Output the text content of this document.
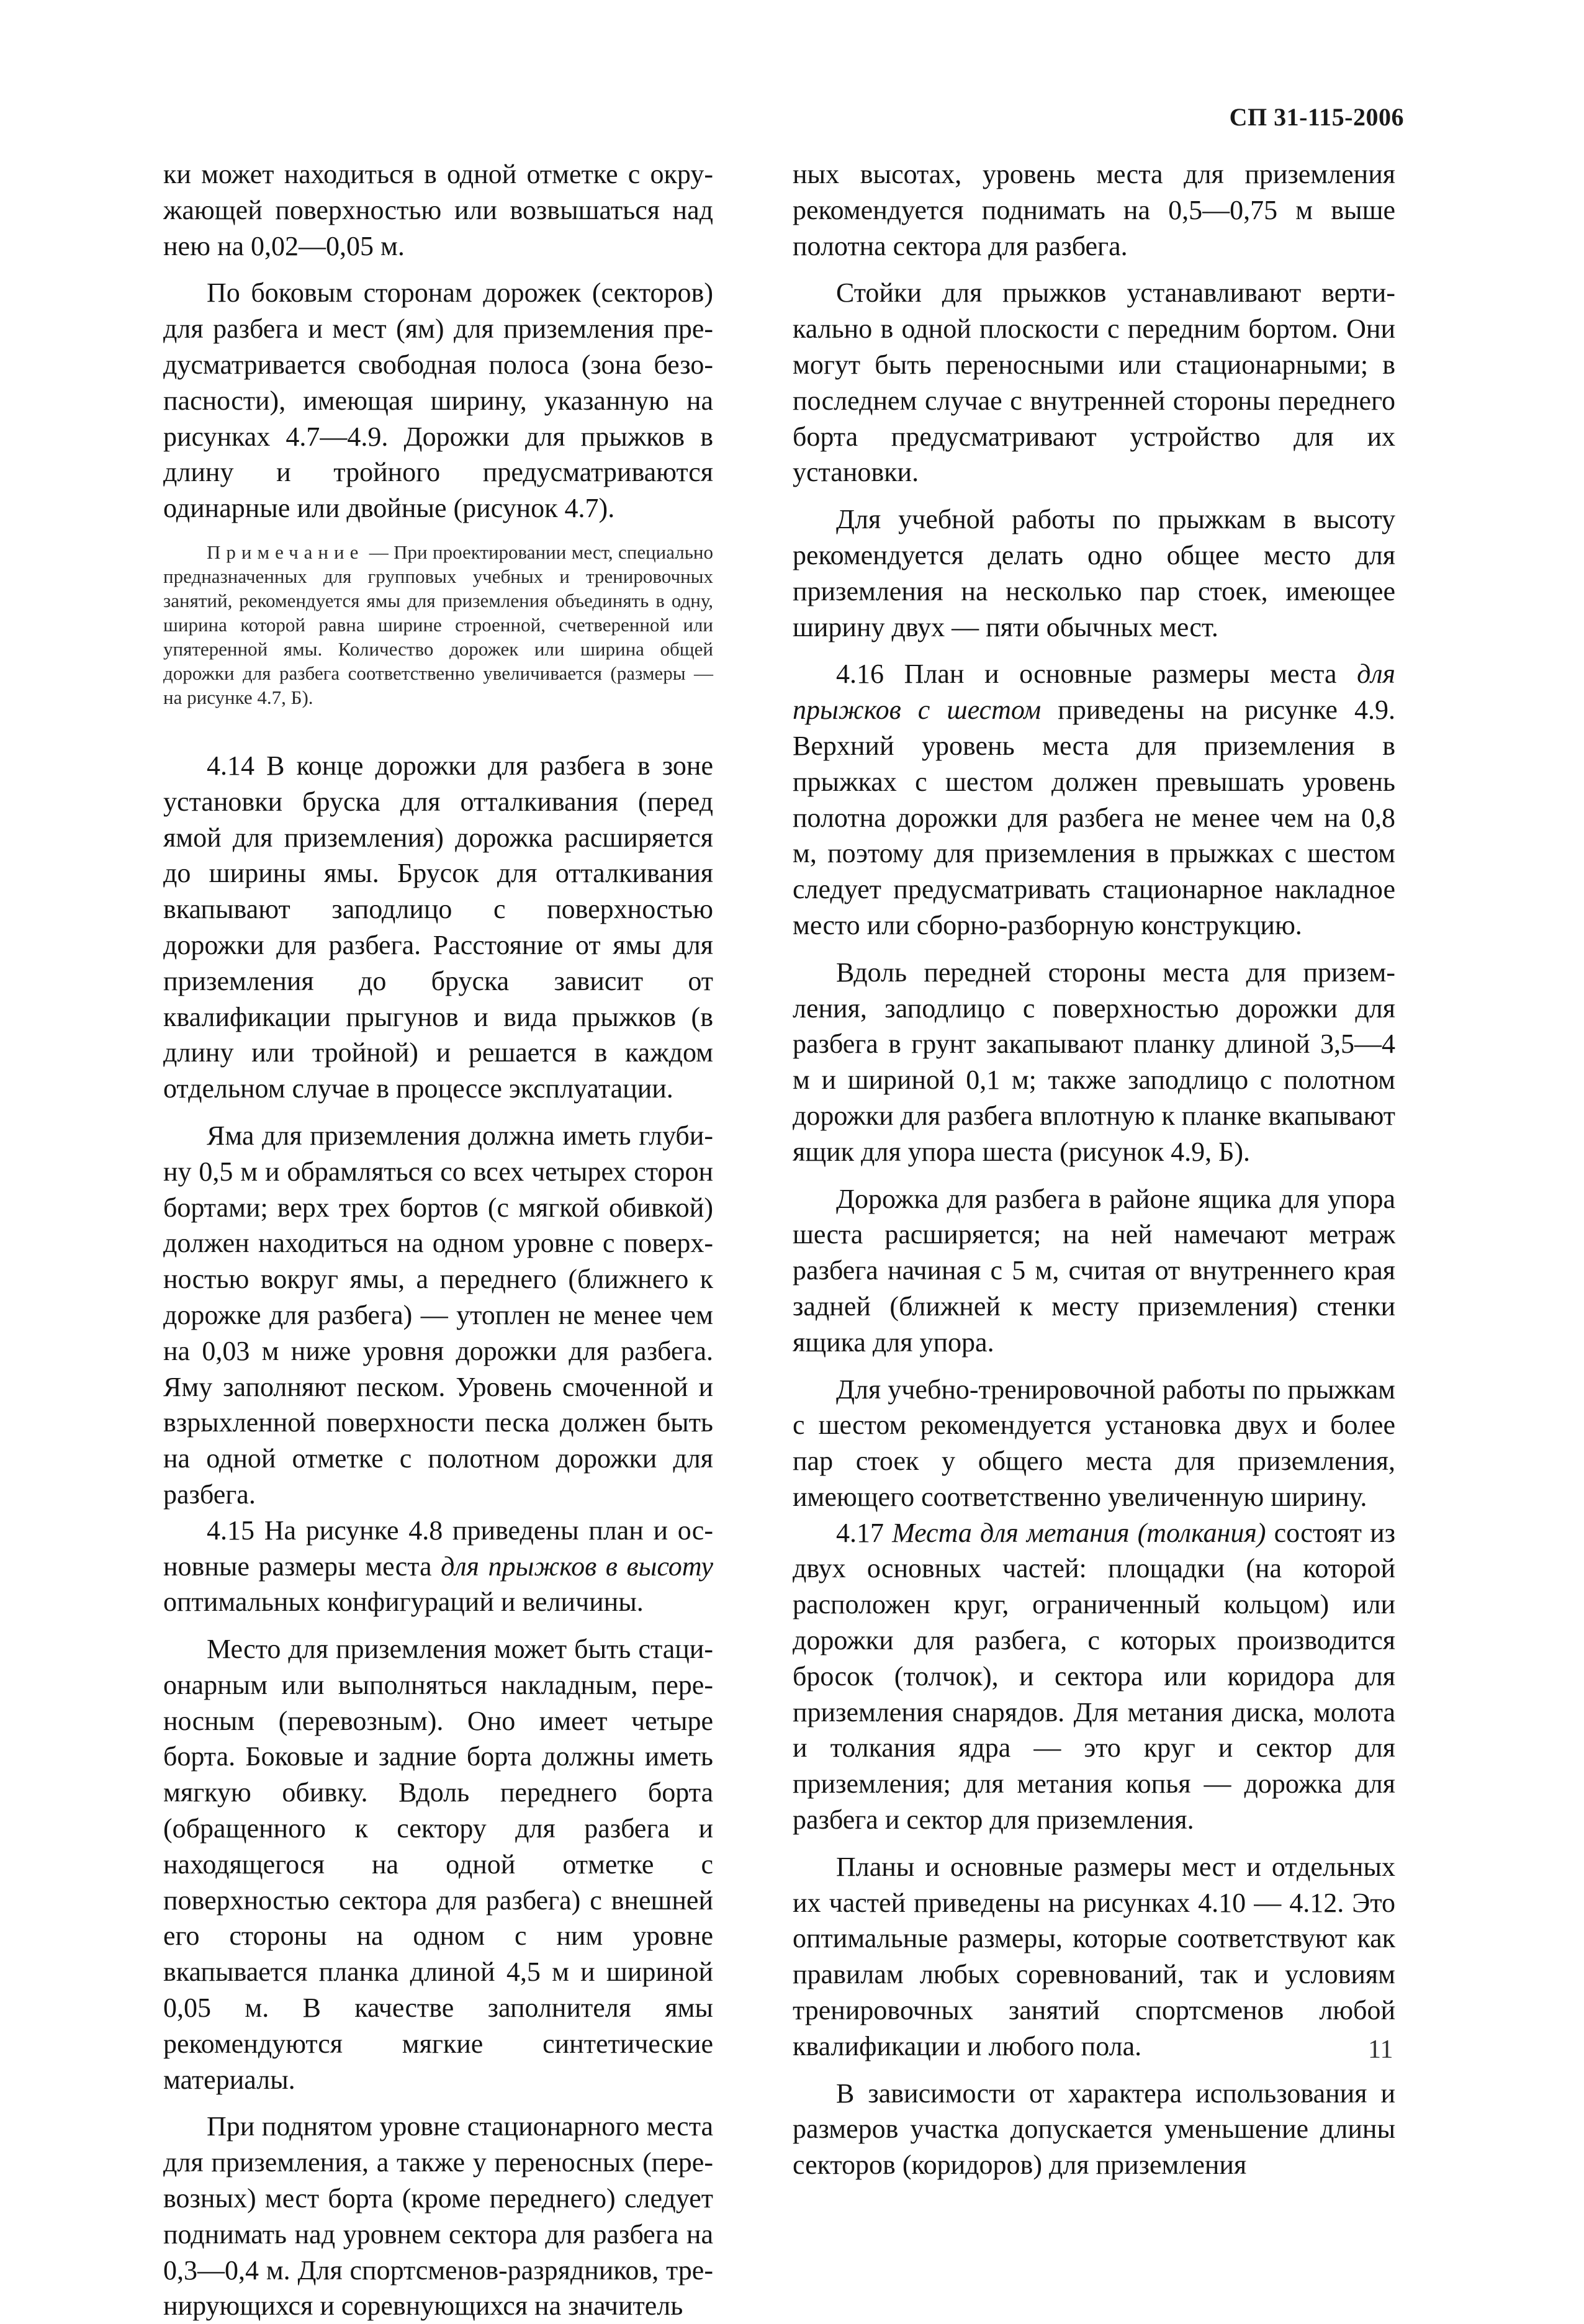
СП 31-115-2006

ки может находиться в одной отметке с окружающей поверхностью или возвышаться над нею на 0,02—0,05 м.

По боковым сторонам дорожек (секторов) для разбега и мест (ям) для приземления предусматривается свободная полоса (зона безопасности), имеющая ширину, указанную на рисунках 4.7—4.9. Дорожки для прыжков в длину и тройного предусматриваются одинарные или двойные (рисунок 4.7).

Примечание — При проектировании мест, специально предназначенных для групповых учебных и тренировочных занятий, рекомендуется ямы для приземления объединять в одну, ширина которой равна ширине строенной, счетверенной или упятеренной ямы. Количество дорожек или ширина общей дорожки для разбега соответственно увеличивается (размеры — на рисунке 4.7, Б).

4.14 В конце дорожки для разбега в зоне установки бруска для отталкивания (перед ямой для приземления) дорожка расширяется до ширины ямы. Брусок для отталкивания вкапывают заподлицо с поверхностью дорожки для разбега. Расстояние от ямы для приземления до бруска зависит от квалификации прыгунов и вида прыжков (в длину или тройной) и решается в каждом отдельном случае в процессе эксплуатации.

Яма для приземления должна иметь глубину 0,5 м и обрамляться со всех четырех сторон бортами; верх трех бортов (с мягкой обивкой) должен находиться на одном уровне с поверхностью вокруг ямы, а переднего (ближнего к дорожке для разбега) — утоплен не менее чем на 0,03 м ниже уровня дорожки для разбега. Яму заполняют песком. Уровень смоченной и взрыхленной поверхности песка должен быть на одной отметке с полотном дорожки для разбега.

4.15 На рисунке 4.8 приведены план и основные размеры места для прыжков в высоту оптимальных конфигураций и величины.

Место для приземления может быть стационарным или выполняться накладным, переносным (перевозным). Оно имеет четыре борта. Боковые и задние борта должны иметь мягкую обивку. Вдоль переднего борта (обращенного к сектору для разбега и находящегося на одной отметке с поверхностью сектора для разбега) с внешней его стороны на одном с ним уровне вкапывается планка длиной 4,5 м и шириной 0,05 м. В качестве заполнителя ямы рекомендуются мягкие синтетические материалы.

При поднятом уровне стационарного места для приземления, а также у переносных (перевозных) мест борта (кроме переднего) следует поднимать над уровнем сектора для разбега на 0,3—0,4 м. Для спортсменов-разрядников, тренирующихся и соревнующихся на значитель

ных высотах, уровень места для приземления рекомендуется поднимать на 0,5—0,75 м выше полотна сектора для разбега.

Стойки для прыжков устанавливают вертикально в одной плоскости с передним бортом. Они могут быть переносными или стационарными; в последнем случае с внутренней стороны переднего борта предусматривают устройство для их установки.

Для учебной работы по прыжкам в высоту рекомендуется делать одно общее место для приземления на несколько пар стоек, имеющее ширину двух — пяти обычных мест.

4.16 План и основные размеры места для прыжков с шестом приведены на рисунке 4.9. Верхний уровень места для приземления в прыжках с шестом должен превышать уровень полотна дорожки для разбега не менее чем на 0,8 м, поэтому для приземления в прыжках с шестом следует предусматривать стационарное накладное место или сборно-разборную конструкцию.

Вдоль передней стороны места для приземления, заподлицо с поверхностью дорожки для разбега в грунт закапывают планку длиной 3,5—4 м и шириной 0,1 м; также заподлицо с полотном дорожки для разбега вплотную к планке вкапывают ящик для упора шеста (рисунок 4.9, Б).

Дорожка для разбега в районе ящика для упора шеста расширяется; на ней намечают метраж разбега начиная с 5 м, считая от внутреннего края задней (ближней к месту приземления) стенки ящика для упора.

Для учебно-тренировочной работы по прыжкам с шестом рекомендуется установка двух и более пар стоек у общего места для приземления, имеющего соответственно увеличенную ширину.

4.17 Места для метания (толкания) состоят из двух основных частей: площадки (на которой расположен круг, ограниченный кольцом) или дорожки для разбега, с которых производится бросок (толчок), и сектора или коридора для приземления снарядов. Для метания диска, молота и толкания ядра — это круг и сектор для приземления; для метания копья — дорожка для разбега и сектор для приземления.

Планы и основные размеры мест и отдельных их частей приведены на рисунках 4.10 — 4.12. Это оптимальные размеры, которые соответствуют как правилам любых соревнований, так и условиям тренировочных занятий спортсменов любой квалификации и любого пола.

В зависимости от характера использования и размеров участка допускается уменьшение длины секторов (коридоров) для приземления

11
